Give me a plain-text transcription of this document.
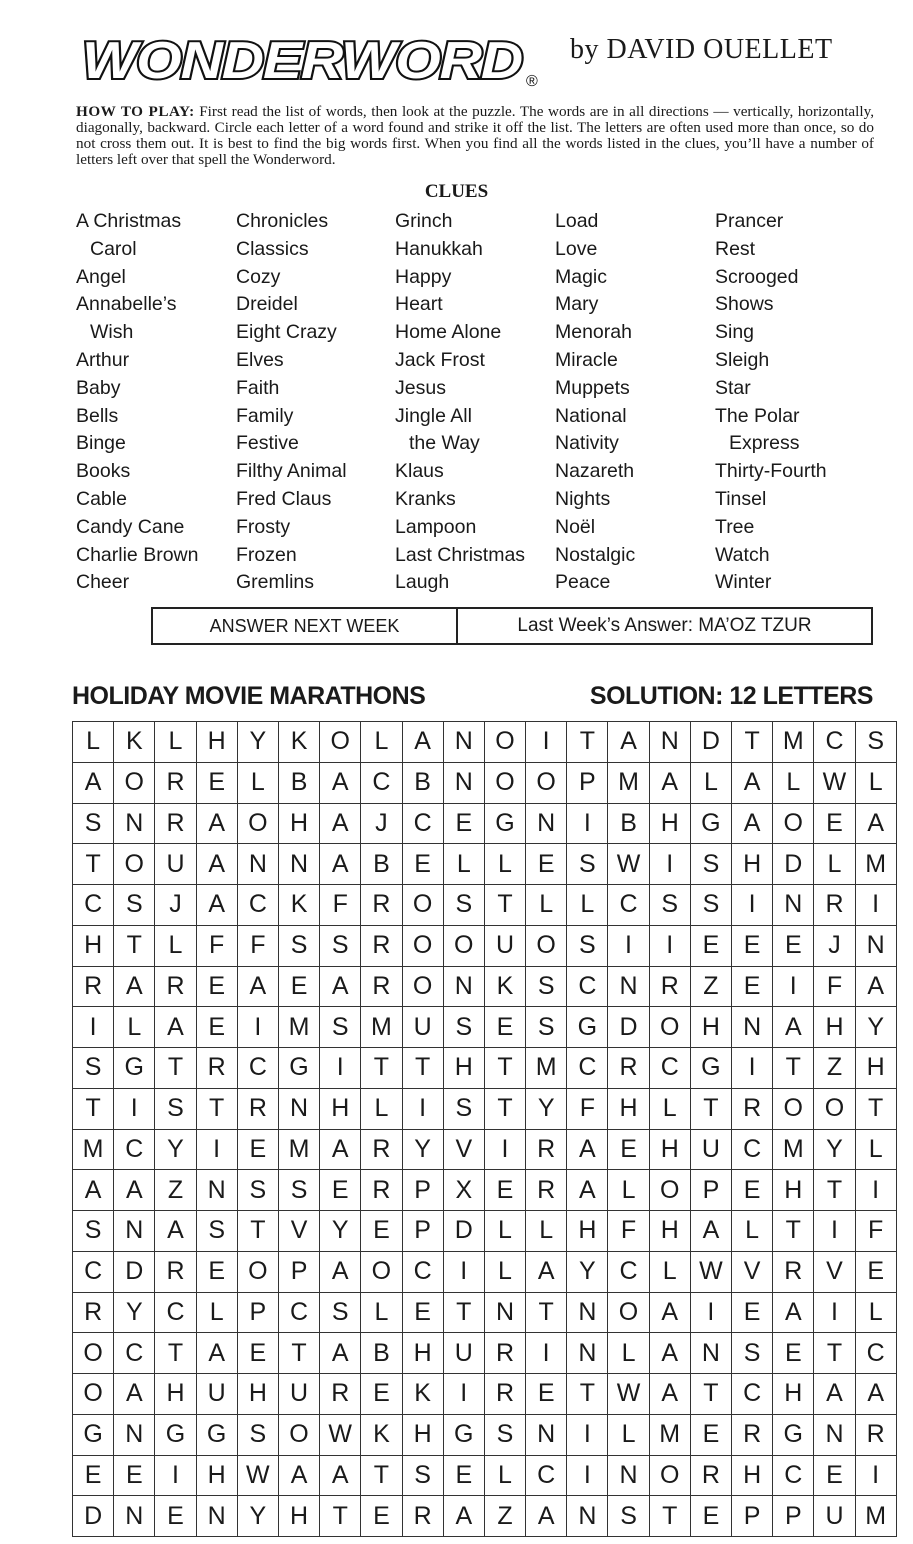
WONDERWORD ®
by DAVID OUELLET
HOW TO PLAY: First read the list of words, then look at the puzzle. The words are in all directions — vertically, horizontally, diagonally, backward. Circle each letter of a word found and strike it off the list. The letters are often used more than once, so do not cross them out. It is best to find the big words first. When you find all the words listed in the clues, you’ll have a number of letters left over that spell the Wonderword.
CLUES
A Christmas
Carol
Angel
Annabelle’s
Wish
Arthur
Baby
Bells
Binge
Books
Cable
Candy Cane
Charlie Brown
Cheer
Chronicles
Classics
Cozy
Dreidel
Eight Crazy
Elves
Faith
Family
Festive
Filthy Animal
Fred Claus
Frosty
Frozen
Gremlins
Grinch
Hanukkah
Happy
Heart
Home Alone
Jack Frost
Jesus
Jingle All
the Way
Klaus
Kranks
Lampoon
Last Christmas
Laugh
Load
Love
Magic
Mary
Menorah
Miracle
Muppets
National
Nativity
Nazareth
Nights
Noël
Nostalgic
Peace
Prancer
Rest
Scrooged
Shows
Sing
Sleigh
Star
The Polar
Express
Thirty-Fourth
Tinsel
Tree
Watch
Winter
ANSWER NEXT WEEK	Last Week’s Answer: MA’OZ TZUR
HOLIDAY MOVIE MARATHONS	SOLUTION: 12 LETTERS
L	K	L	H	Y	K	O	L	A	N	O	I	T	A	N	D	T	M	C	S
A	O	R	E	L	B	A	C	B	N	O	O	P	M	A	L	A	L	W	L
S	N	R	A	O	H	A	J	C	E	G	N	I	B	H	G	A	O	E	A
T	O	U	A	N	N	A	B	E	L	L	E	S	W	I	S	H	D	L	M
C	S	J	A	C	K	F	R	O	S	T	L	L	C	S	S	I	N	R	I
H	T	L	F	F	S	S	R	O	O	U	O	S	I	I	E	E	E	J	N
R	A	R	E	A	E	A	R	O	N	K	S	C	N	R	Z	E	I	F	A
I	L	A	E	I	M	S	M	U	S	E	S	G	D	O	H	N	A	H	Y
S	G	T	R	C	G	I	T	T	H	T	M	C	R	C	G	I	T	Z	H
T	I	S	T	R	N	H	L	I	S	T	Y	F	H	L	T	R	O	O	T
M	C	Y	I	E	M	A	R	Y	V	I	R	A	E	H	U	C	M	Y	L
A	A	Z	N	S	S	E	R	P	X	E	R	A	L	O	P	E	H	T	I
S	N	A	S	T	V	Y	E	P	D	L	L	H	F	H	A	L	T	I	F
C	D	R	E	O	P	A	O	C	I	L	A	Y	C	L	W	V	R	V	E
R	Y	C	L	P	C	S	L	E	T	N	T	N	O	A	I	E	A	I	L
O	C	T	A	E	T	A	B	H	U	R	I	N	L	A	N	S	E	T	C
O	A	H	U	H	U	R	E	K	I	R	E	T	W	A	T	C	H	A	A
G	N	G	G	S	O	W	K	H	G	S	N	I	L	M	E	R	G	N	R
E	E	I	H	W	A	A	T	S	E	L	C	I	N	O	R	H	C	E	I
D	N	E	N	Y	H	T	E	R	A	Z	A	N	S	T	E	P	P	U	M
